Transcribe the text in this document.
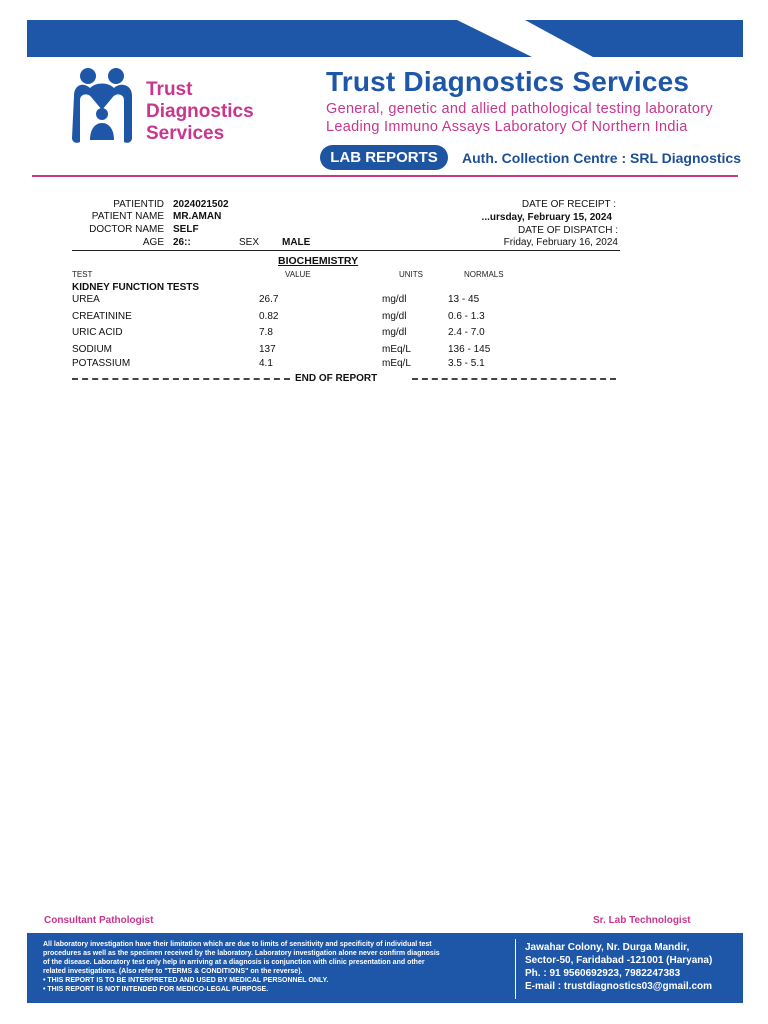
Trust
Diagnostics
Services
Trust Diagnostics Services
General, genetic and allied pathological testing laboratory
Leading Immuno Assays Laboratory Of Northern India
LAB REPORTS	Auth. Collection Centre : SRL Diagnostics
PATIENTID 2024021502
PATIENT NAME MR.AMAN
DOCTOR NAME SELF
AGE 26::	SEX MALE
DATE OF RECEIPT :
...ursday, February 15, 2024
DATE OF DISPATCH :
Friday, February 16, 2024
BIOCHEMISTRY
TEST	VALUE	UNITS	NORMALS
KIDNEY FUNCTION TESTS
UREA	26.7	mg/dl	13 - 45
CREATININE	0.82	mg/dl	0.6 - 1.3
URIC ACID	7.8	mg/dl	2.4 - 7.0
SODIUM	137	mEq/L	136 - 145
POTASSIUM	4.1	mEq/L	3.5 - 5.1
END OF REPORT
Consultant Pathologist	Sr. Lab Technologist
All laboratory investigation have their limitation which are due to limits of sensitivity and specificity of individual test
procedures as well as the specimen received by the laboratory. Laboratory investigation alone never confirm diagnosis
of the disease. Laboratory test only help in arriving at a diagnosis is conjunction with clinic presentation and other
related investigations. (Also refer to "TERMS & CONDITIONS" on the reverse).
• THIS REPORT IS TO BE INTERPRETED AND USED BY MEDICAL PERSONNEL ONLY.
• THIS REPORT IS NOT INTENDED FOR MEDICO-LEGAL PURPOSE.
Jawahar Colony, Nr. Durga Mandir,
Sector-50, Faridabad -121001 (Haryana)
Ph. : 91 9560692923, 7982247383
E-mail : trustdiagnostics03@gmail.com
